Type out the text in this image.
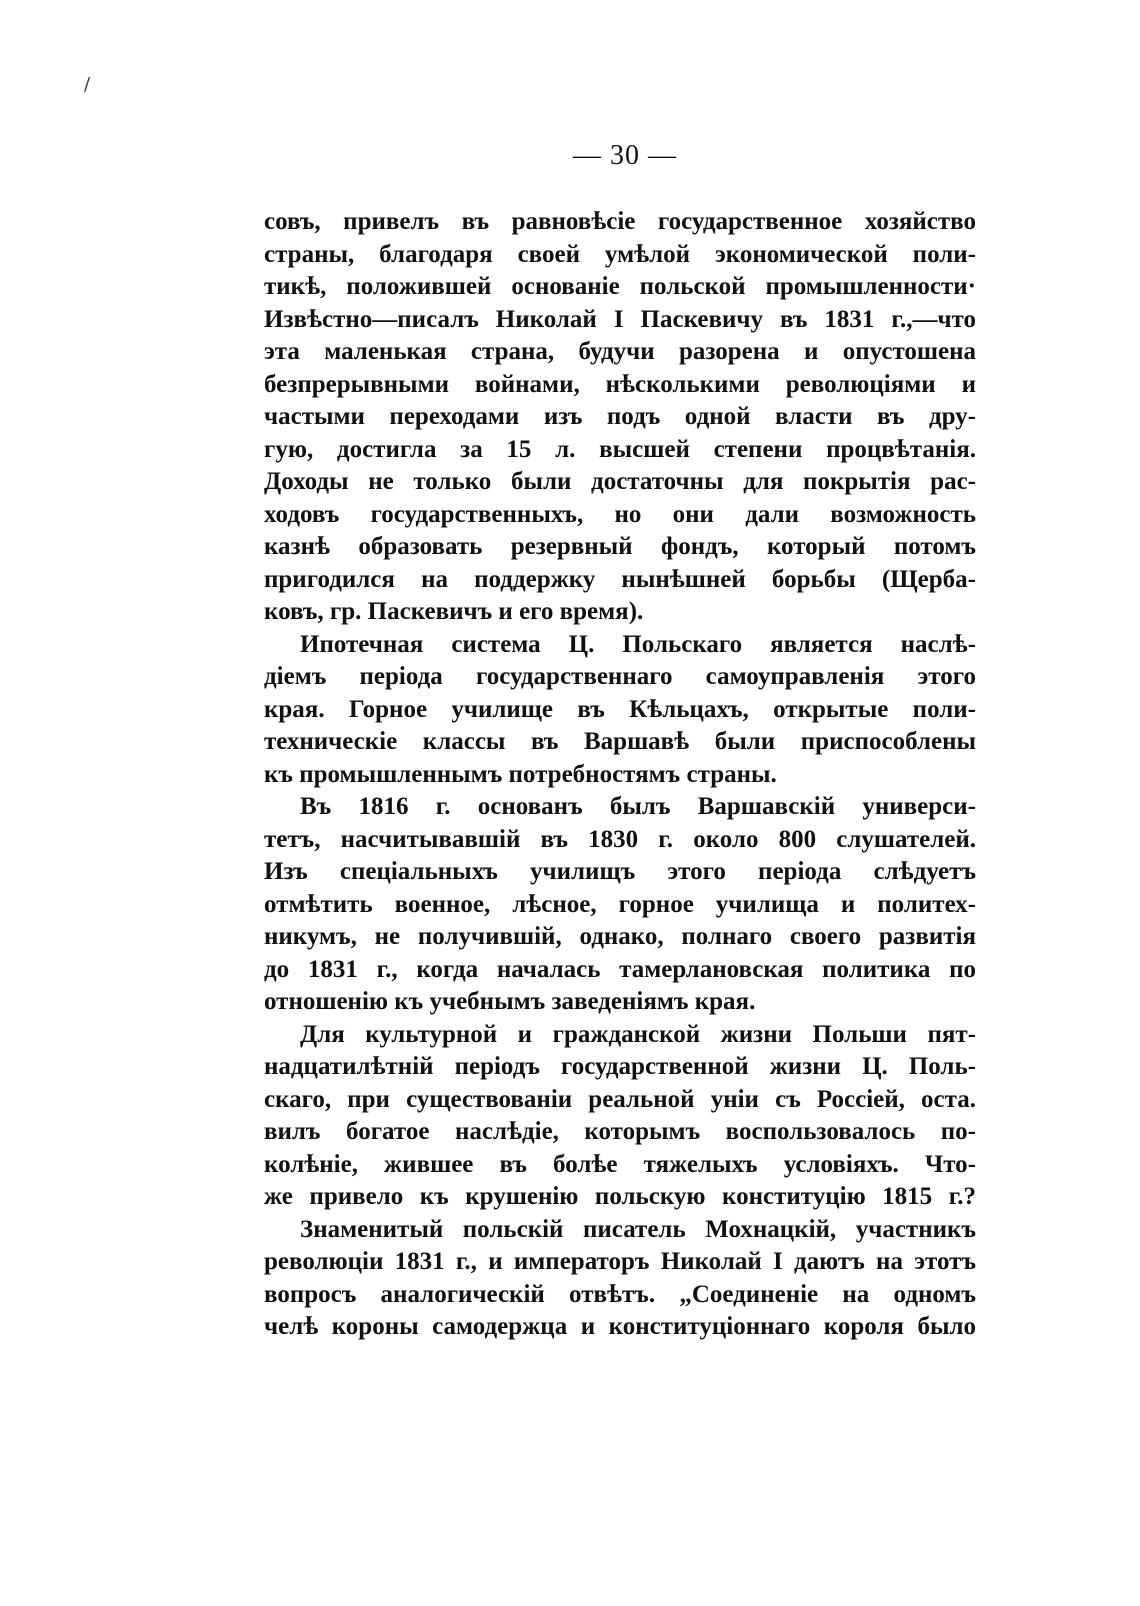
/
— 30 —
совъ, привелъ въ равновѣсіе государственное хозяйство
страны, благодаря своей умѣлой экономической поли-
тикѣ, положившей основаніе польской промышленности·
Извѣстно—писалъ Николай I Паскевичу въ 1831 г.,—что
эта маленькая страна, будучи разорена и опустошена
безпрерывными войнами, нѣсколькими революціями и
частыми переходами изъ подъ одной власти въ дру-
гую, достигла за 15 л. высшей степени процвѣтанія.
Доходы не только были достаточны для покрытія рас-
ходовъ государственныхъ, но они дали возможность
казнѣ образовать резервный фондъ, который потомъ
пригодился на поддержку нынѣшней борьбы (Щерба-
ковъ, гр. Паскевичъ и его время).
Ипотечная система Ц. Польскаго является наслѣ-
діемъ періода государственнаго самоуправленія этого
края. Горное училище въ Кѣльцахъ, открытые поли-
техническіе классы въ Варшавѣ были приспособлены
къ промышленнымъ потребностямъ страны.
Въ 1816 г. основанъ былъ Варшавскій универси-
тетъ, насчитывавшій въ 1830 г. около 800 слушателей.
Изъ спеціальныхъ училищъ этого періода слѣдуетъ
отмѣтить военное, лѣсное, горное училища и политех-
никумъ, не получившій, однако, полнаго своего развитія
до 1831 г., когда началась тамерлановская политика по
отношенію къ учебнымъ заведеніямъ края.
Для культурной и гражданской жизни Польши пят-
надцатилѣтній періодъ государственной жизни Ц. Поль-
скаго, при существованіи реальной уніи съ Россіей, оста.
вилъ богатое наслѣдіе, которымъ воспользовалось по-
колѣніе, жившее въ болѣе тяжелыхъ условіяхъ. Что-
же привело къ крушенію польскую конституцію 1815 г.?
Знаменитый польскій писатель Мохнацкій, участникъ
революціи 1831 г., и императоръ Николай I даютъ на этотъ
вопросъ аналогическій отвѣтъ. „Соединеніе на одномъ
челѣ короны самодержца и конституціоннаго короля было
